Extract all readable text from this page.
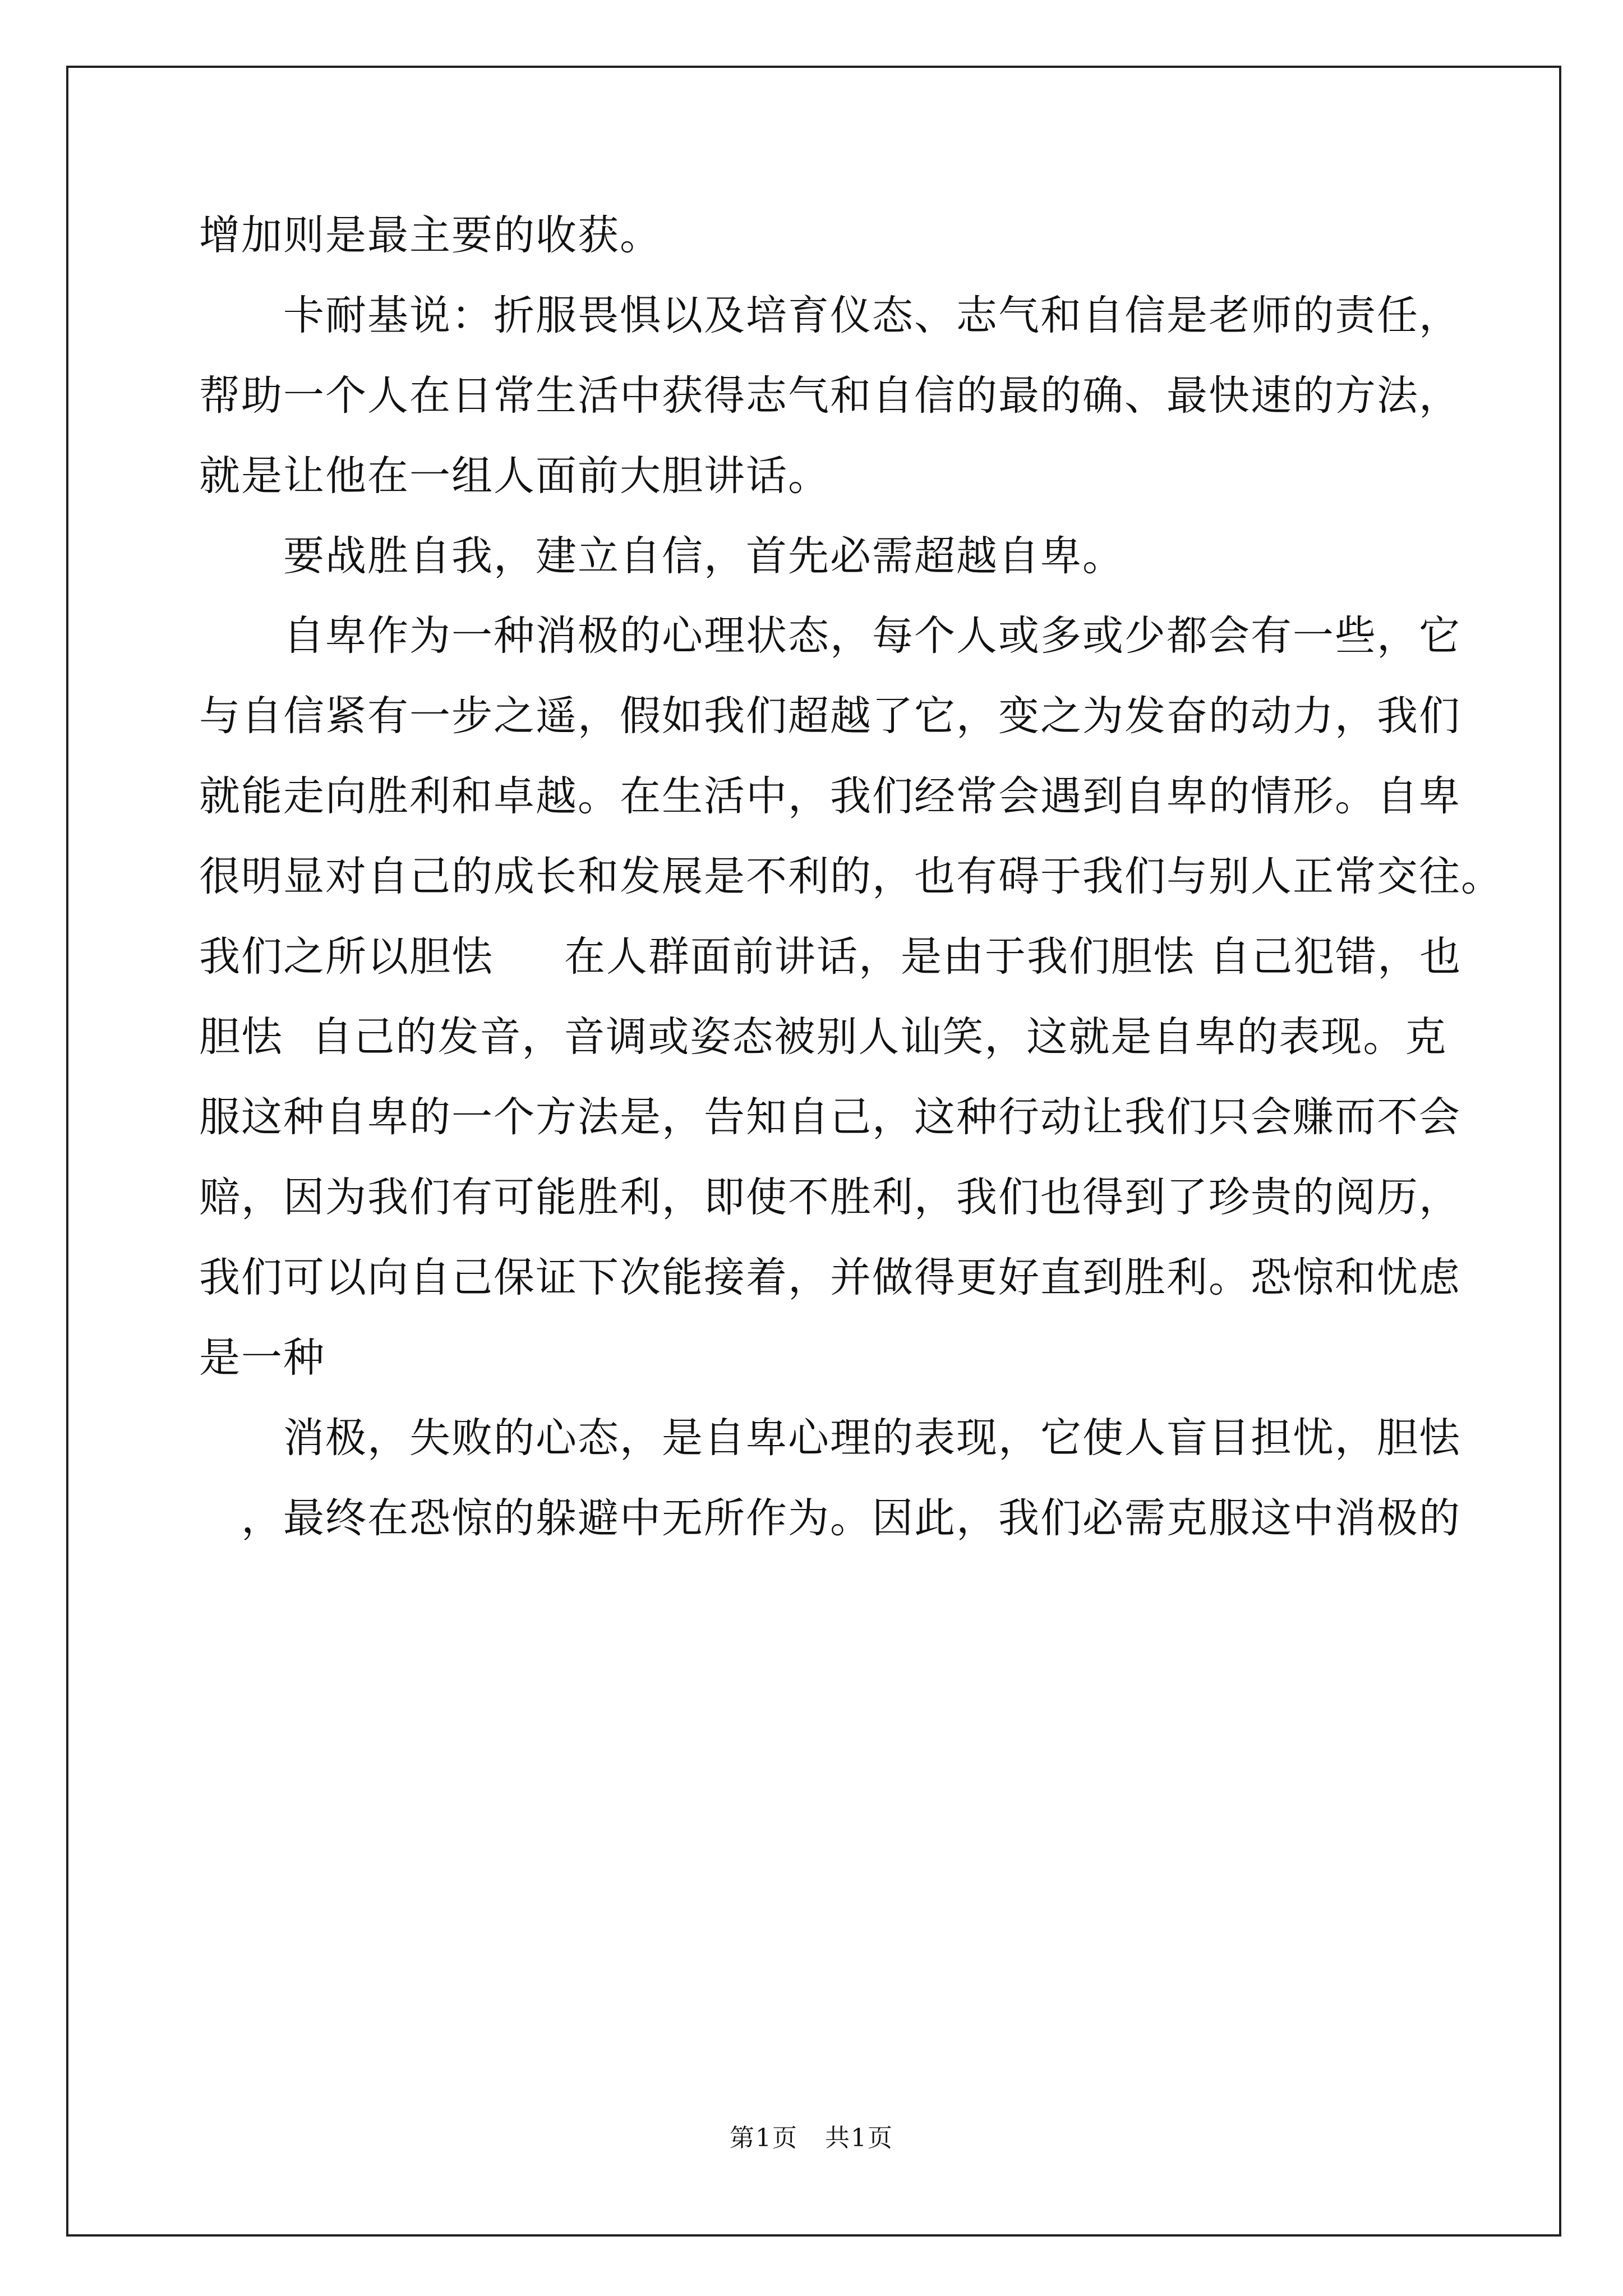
增加则是最主要的收获。
卡耐基说：折服畏惧以及培育仪态、志气和自信是老师的责任，
帮助一个人在日常生活中获得志气和自信的最的确、最快速的方法，
就是让他在一组人面前大胆讲话。
要战胜自我，建立自信，首先必需超越自卑。
自卑作为一种消极的心理状态，每个人或多或少都会有一些，它
与自信紧有一步之遥，假如我们超越了它，变之为发奋的动力，我们
就能走向胜利和卓越。在生活中，我们经常会遇到自卑的情形。自卑
很明显对自己的成长和发展是不利的，也有碍于我们与别人正常交往。
我们之所以胆怯     在人群面前讲话，是由于我们胆怯 自己犯错，也
胆怯  自己的发音，音调或姿态被别人讪笑，这就是自卑的表现。克
服这种自卑的一个方法是，告知自己，这种行动让我们只会赚而不会
赔，因为我们有可能胜利，即使不胜利，我们也得到了珍贵的阅历，
我们可以向自己保证下次能接着，并做得更好直到胜利。恐惊和忧虑
是一种
消极，失败的心态，是自卑心理的表现，它使人盲目担忧，胆怯
，最终在恐惊的躲避中无所作为。因此，我们必需克服这中消极的
第1页   共1页
